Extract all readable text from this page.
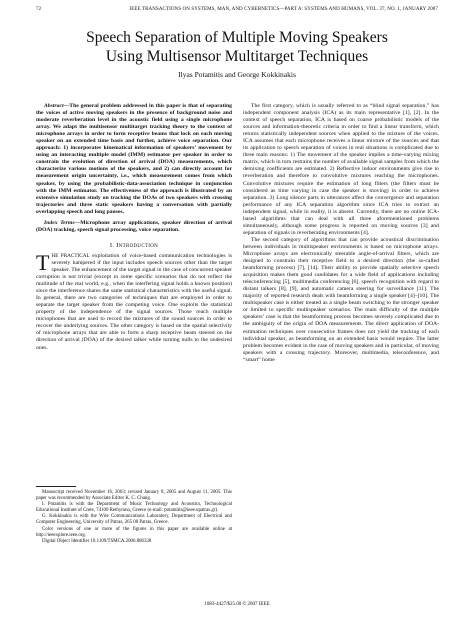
72	IEEE TRANSACTIONS ON SYSTEMS, MAN, AND CYBERNETICS—PART A: SYSTEMS AND HUMANS, VOL. 37, NO. 1, JANUARY 2007
Speech Separation of Multiple Moving Speakers
Using Multisensor Multitarget Techniques
Ilyas Potamitis and George Kokkinakis

Abstract—The general problem addressed in this paper is that of separating the voices of active moving speakers in the presence of background noise and moderate reverberation level in the acoustic field using a single microphone array. We adapt the multisensor multitarget tracking theory to the context of microphone arrays in order to form receptive beams that lock on each moving speaker on an extended time basis and further, achieve voice separation. Our approach: 1) incorporates kinematical information of speakers’ movement by using an interacting multiple model (IMM) estimator per speaker in order to constrain the evolution of direction of arrival (DOA) measurements, which characterize various motions of the speakers, and 2) can directly account for measurement origin uncertainty, i.e., which measurement comes from which speaker, by using the probabilistic-data-association technique in conjunction with the IMM estimator. The effectiveness of the approach is illustrated by an extensive simulation study on tracking the DOAs of two speakers with crossing trajectories and three static speakers having a conversation with partially overlapping speech and long pauses.

Index Terms—Microphone array applications, speaker direction of arrival (DOA) tracking, speech signal processing, voice separation.

I. Introduction

THE PRACTICAL exploitation of voice-based communication technologies is severely hampered if the input includes speech sources other than the target speaker. The enhancement of the target signal in the case of concurrent speaker corruption is not trivial (except in some specific scenarios that do not reflect the multitude of the real world, e.g., when the interfering signal holds a known position) since the interference shares the same statistical characteristics with the useful signal. In general, there are two categories of techniques that are employed in order to separate the target speaker from the competing voice. One exploits the statistical property of the independence of the signal sources. Those reach multiple microphones that are used to record the mixtures of the sound sources in order to recover the underlying sources. The other category is based on the spatial selectivity of microphone arrays that are able to form a sharp receptive beam steered on the direction of arrival (DOA) of the desired talker while turning nulls to the undesired ones.

Manuscript received November 16, 2003; revised January 8, 2005 and August 11, 2005. This paper was recommended by Associate Editor K. C. Chang.

I. Potamitis is with the Department of Music Technology and Acoustics, Technological Educational Institute of Crete, 74100 Rethymno, Greece (e-mail: potamitis@ieee.upatras.gr).

G. Kokkinakis is with the Wire Communications Laboratory, Department of Electrical and Computer Engineering, University of Patras, 265 00 Patras, Greece.

Color versions of one or more of the figures in this paper are available online at http://ieeexplore.ieee.org.

Digital Object Identifier 10.1109/TSMCA.2006.886338

The first category, which is usually referred to as “blind signal separation,” has independent component analysis (ICA) as its main representative [1], [2]. In the context of speech separation, ICA is based on coarse probabilistic models of the sources and information-theoretic criteria in order to find a linear transform, which returns statistically independent sources when applied to the mixture of the voices. ICA assumes that each microphone receives a linear mixture of the sources and that its application to speech separation of voices in real situations is complicated due to three main reasons: 1) The movement of the speaker implies a time-varying mixing matrix, which in turn restrains the number of available signal samples from which the demixing coefficients are estimated. 2) Reflective indoor environments give rise to reverberation and therefore to convolutive mixtures reaching the microphones. Convolutive mixtures require the estimation of long filters (the filters must be considered as time varying in case the speaker is moving) in order to achieve separation. 3) Long silence parts in utterances affect the convergence and separation performance of any ICA separation algorithm since ICA tries to extract an independent signal, while in reality, it is absent. Currently, there are no online ICA-based algorithms that can deal with all three aforementioned problems simultaneously, although some progress is reported on moving sources [3] and separation of signals in reverberating environments [4].

The second category of algorithms that can provide acoustical discrimination between individuals in multispeaker environments is based on microphone arrays. Microphone arrays are electronically steerable angle-of-arrival filters, which are designed to constrain their receptive field to a desired direction (the so-called beamforming process) [7], [14]. Their ability to provide spatially selective speech acquisition makes them good candidates for a wide field of applications including teleconferencing [5], multimedia conferencing [6], speech recognition with regard to distant talkers [8], [9], and automatic camera steering for surveillance [11]. The majority of reported research deals with beamforming a single speaker [4]–[10]. The multispeaker case is either treated as a single beam switching to the stronger speaker or limited to specific multispeaker scenarios. The main difficulty of the multiple speakers’ case is that the beamforming process becomes severely complicated due to the ambiguity of the origin of DOA measurements. The direct application of DOA-estimation techniques over consecutive frames does not yield the tracking of each individual speaker, as beamforming on an extended basis would require. The latter problem becomes evident in the case of moving speakers and in particular, of moving speakers with a crossing trajectory. Moreover, multimedia, teleconference, and “smart” home

1083-4427/$25.00 © 2007 IEEE
